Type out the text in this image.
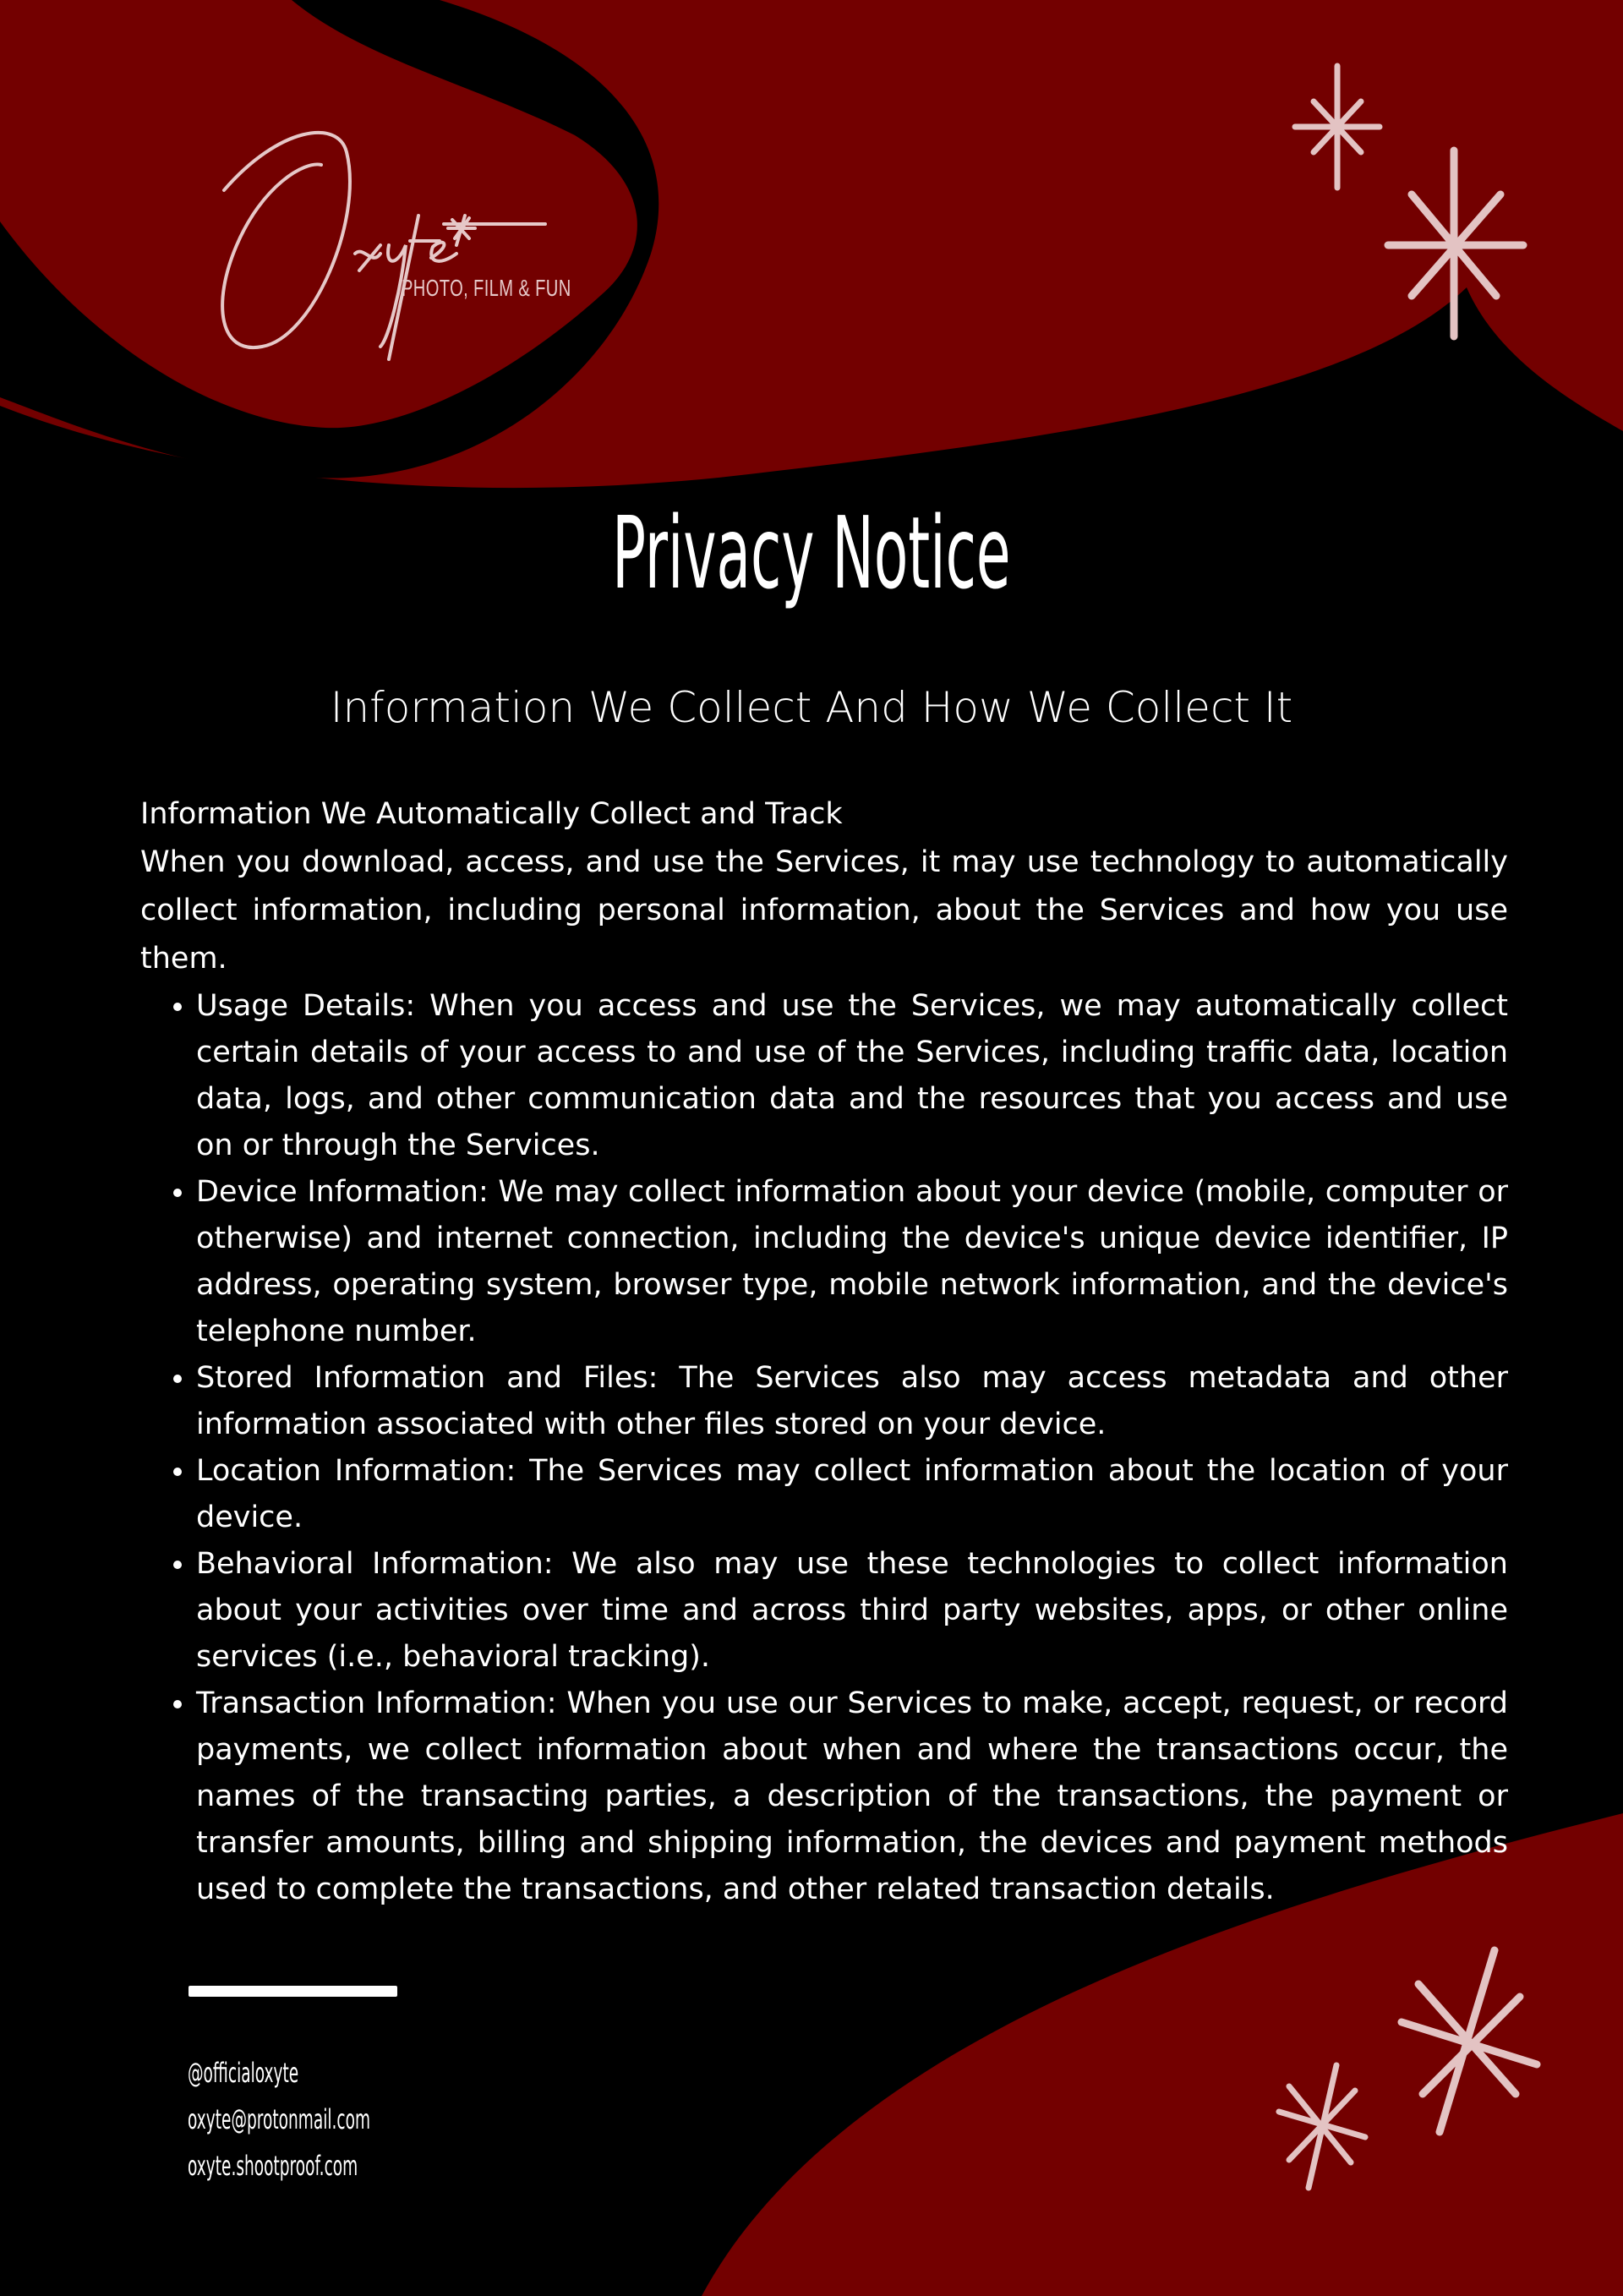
PHOTO, FILM & FUN
Privacy Notice
Information We Collect And How We Collect It

Information We Automatically Collect and Track

When you download, access, and use the Services, it may use technology to automatically collect information, including personal information, about the Services and how you use them.

• Usage Details: When you access and use the Services, we may automatically collect certain details of your access to and use of the Services, including traffic data, location data, logs, and other communication data and the resources that you access and use on or through the Services.
• Device Information: We may collect information about your device (mobile, computer or otherwise) and internet connection, including the device's unique device identifier, IP address, operating system, browser type, mobile network information, and the device's telephone number.
• Stored Information and Files: The Services also may access metadata and other information associated with other files stored on your device.
• Location Information: The Services may collect information about the location of your device.
• Behavioral Information: We also may use these technologies to collect information about your activities over time and across third party websites, apps, or other online services (i.e., behavioral tracking).
• Transaction Information: When you use our Services to make, accept, request, or record payments, we collect information about when and where the transactions occur, the names of the transacting parties, a description of the transactions, the payment or transfer amounts, billing and shipping information, the devices and payment methods used to complete the transactions, and other related transaction details.
@officialoxyte
oxyte@protonmail.com
oxyte.shootproof.com
